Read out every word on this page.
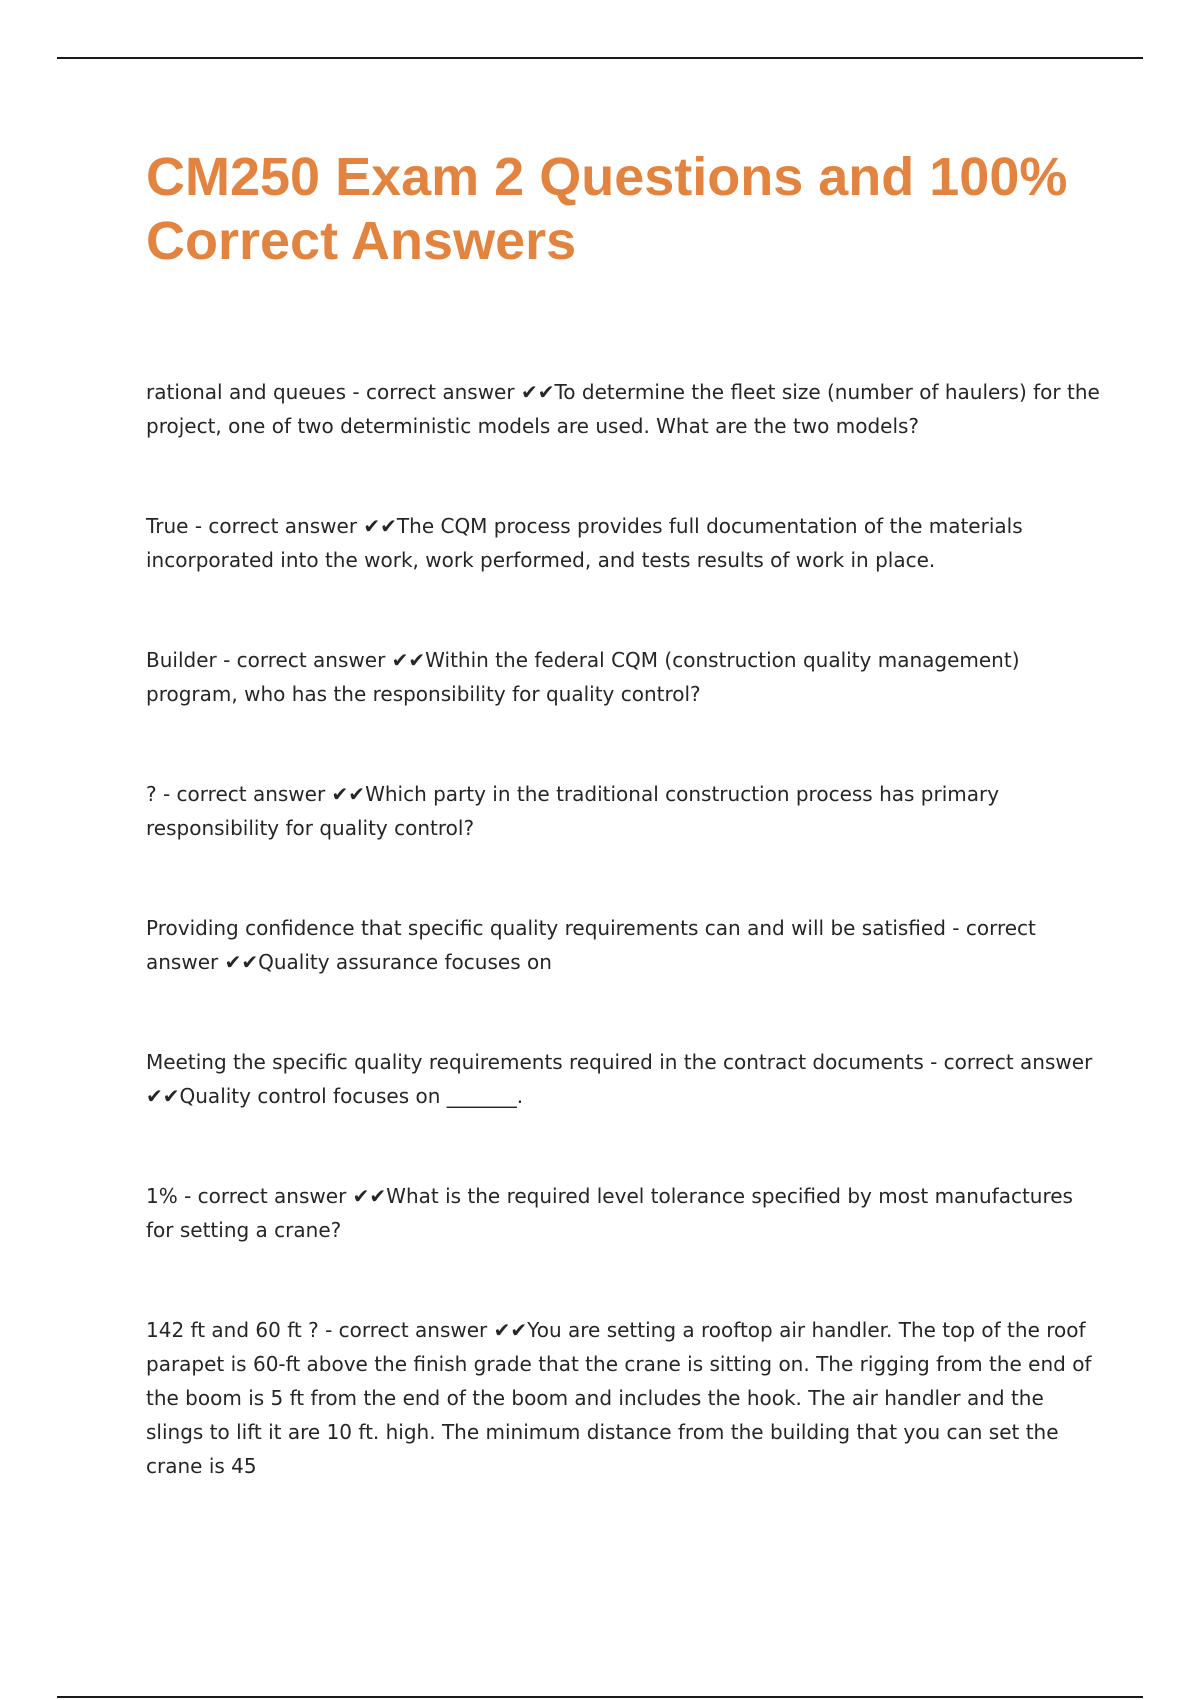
CM250 Exam 2 Questions and 100% Correct Answers

rational and queues - correct answer ✔✔To determine the fleet size (number of haulers) for the project, one of two deterministic models are used. What are the two models?

True - correct answer ✔✔The CQM process provides full documentation of the materials incorporated into the work, work performed, and tests results of work in place.

Builder - correct answer ✔✔Within the federal CQM (construction quality management) program, who has the responsibility for quality control?

? - correct answer ✔✔Which party in the traditional construction process has primary responsibility for quality control?

Providing confidence that specific quality requirements can and will be satisfied - correct answer ✔✔Quality assurance focuses on

Meeting the specific quality requirements required in the contract documents - correct answer ✔✔Quality control focuses on _______.

1% - correct answer ✔✔What is the required level tolerance specified by most manufactures for setting a crane?

142 ft and 60 ft ? - correct answer ✔✔You are setting a rooftop air handler. The top of the roof parapet is 60-ft above the finish grade that the crane is sitting on. The rigging from the end of the boom is 5 ft from the end of the boom and includes the hook. The air handler and the slings to lift it are 10 ft. high. The minimum distance from the building that you can set the crane is 45
